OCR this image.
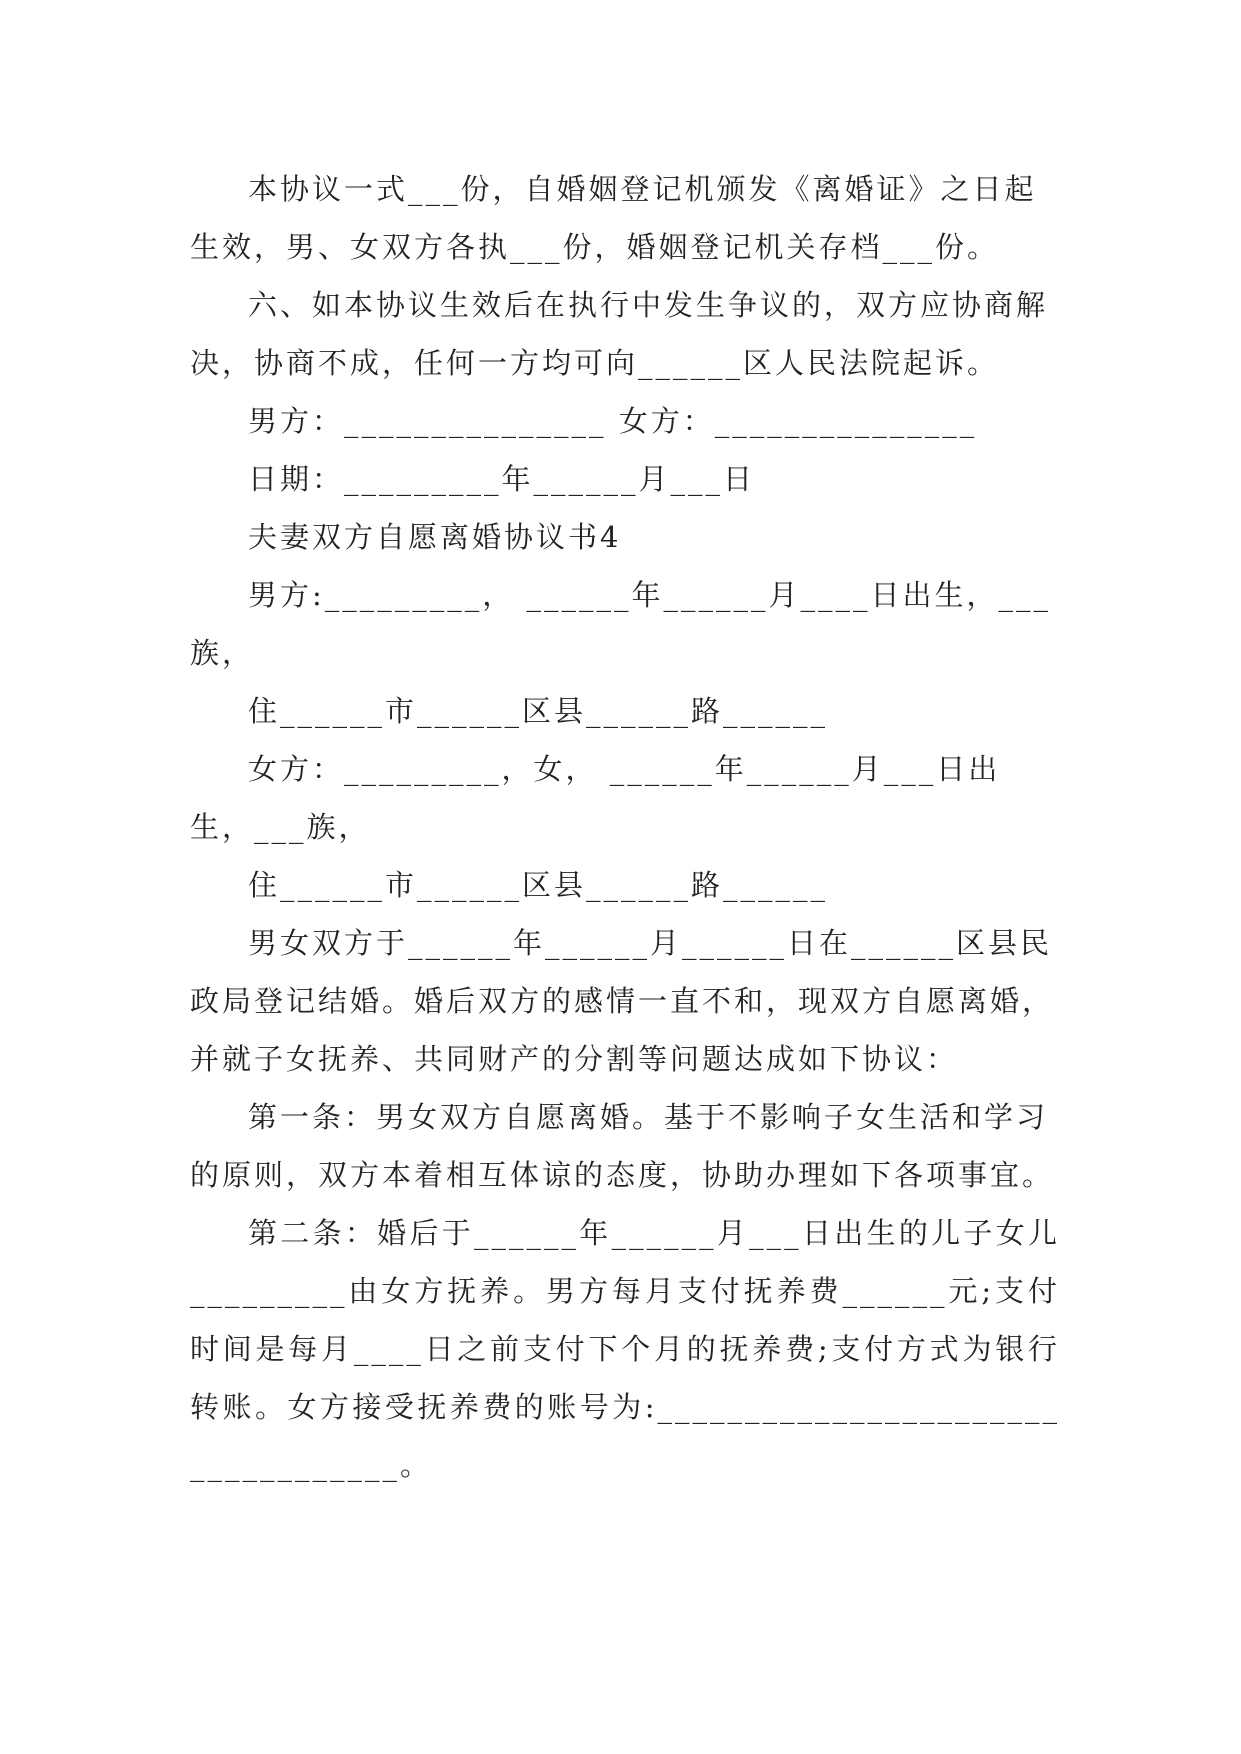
本协议一式___份，自婚姻登记机颁发《离婚证》之日起生效，男、女双方各执___份，婚姻登记机关存档___份。

六、如本协议生效后在执行中发生争议的，双方应协商解决，协商不成，任何一方均可向______区人民法院起诉。

男方：_______________ 女方：_______________

日期：_________年______月___日

夫妻双方自愿离婚协议书4

男方:_________， ______年______月____日出生，___族，

住______市______区县______路______

女方：_________，女， ______年______月___日出生，___族，

住______市______区县______路______

男女双方于______年______月______日在______区县民政局登记结婚。婚后双方的感情一直不和，现双方自愿离婚，并就子女抚养、共同财产的分割等问题达成如下协议：

第一条：男女双方自愿离婚。基于不影响子女生活和学习的原则，双方本着相互体谅的态度，协助办理如下各项事宜。

第二条：婚后于______年______月___日出生的儿子女儿_________由女方抚养。男方每月支付抚养费______元;支付时间是每月____日之前支付下个月的抚养费;支付方式为银行转账。女方接受抚养费的账号为:___________________________________。
